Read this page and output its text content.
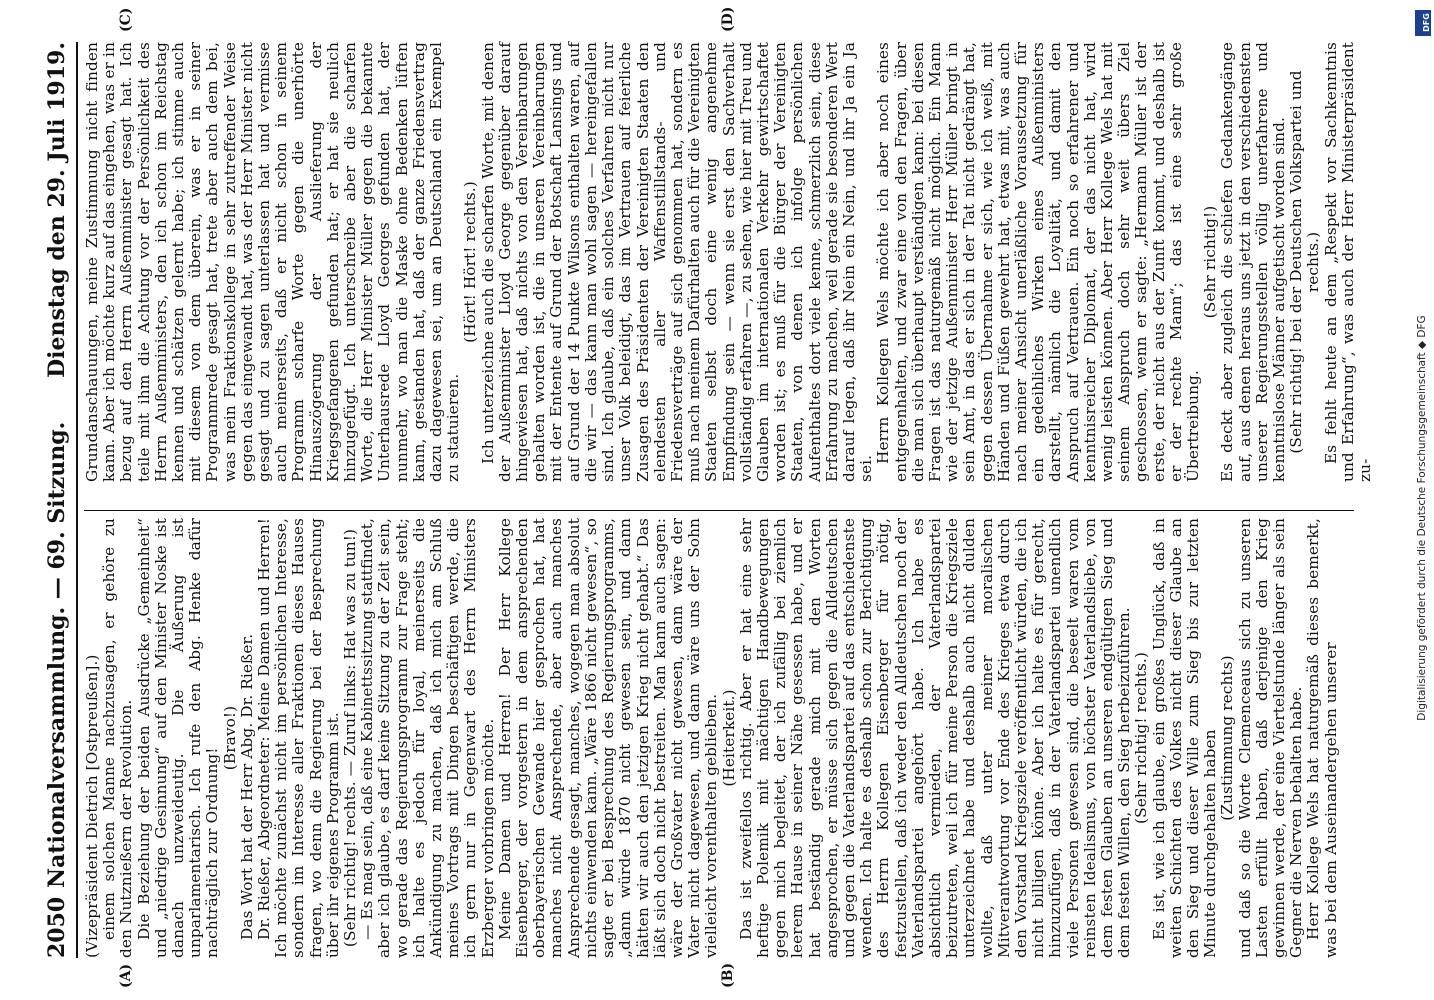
2050
Nationalversammlung. — 69. Sitzung.
Dienstag den 29. Juli 1919.
(A)	(B)
(C)	(D)

(Vizepräsident Dietrich [Ostpreußen].) einem solchen Manne nachzusagen, er gehöre zu den Nutznießern der Revolution. Die Beziehung der beiden Ausdrücke „Gemeinheit“ und „niedrige Gesinnung“ auf den Minister Noske ist danach unzweideutig. Die Äußerung ist unparlamentarisch. Ich rufe den Abg. Henke dafür nachträglich zur Ordnung!

(Bravo!) Das Wort hat der Herr Abg. Dr. Rießer. Dr. Rießer, Abgeordneter: Meine Damen und Herren! Ich möchte zunächst nicht im persönlichen Interesse, sondern im Interesse aller Fraktionen dieses Hauses fragen, wo denn die Regierung bei der Besprechung über ihr eigenes Programm ist. (Sehr richtig! rechts. — Zuruf links: Hat was zu tun!) — Es mag sein, daß eine Kabinettssitzung stattfindet, aber ich glaube, es darf keine Sitzung zu der Zeit sein, wo gerade das Regierungsprogramm zur Frage steht; ich halte es jedoch für loyal, meinerseits die Ankündigung zu machen, daß ich mich am Schluß meines Vortrags mit Dingen beschäftigen werde, die ich gern nur in Gegenwart des Herrn Ministers Erzberger vorbringen möchte. Meine Damen und Herren! Der Herr Kollege Eisenberger, der vorgestern in dem ansprechenden oberbayerischen Gewande hier gesprochen hat, hat manches nicht Ansprechende, aber auch manches Ansprechende gesagt, manches, wogegen man absolut nichts einwenden kann. „Wäre 1866 nicht gewesen“, so sagte er bei Besprechung des Regierungsprogramms, „dann würde 1870 nicht gewesen sein, und dann hätten wir auch den jetzigen Krieg nicht gehabt.“ Das läßt sich doch nicht bestreiten. Man kann auch sagen: wäre der Großvater nicht gewesen, dann wäre der Vater nicht dagewesen, und dann wäre uns der Sohn vielleicht vorenthalten geblieben. (Heiterkeit.) Das ist zweifellos richtig. Aber er hat eine sehr heftige Polemik mit mächtigen Handbewegungen gegen mich begleitet, der ich zufällig bei ziemlich leerem Hause in seiner Nähe gesessen habe, und er hat beständig gerade mich mit den Worten angesprochen, er müsse sich gegen die Alldeutschen und gegen die Vaterlandspartei auf das entschiedenste wenden. Ich halte es deshalb schon zur Berichtigung des Herrn Kollegen Eisenberger für nötig, festzustellen, daß ich weder den Alldeutschen noch der Vaterlandspartei angehört habe. Ich habe es absichtlich vermieden, der Vaterlandspartei beizutreten, weil ich für meine Person die Kriegsziele unterzeichnet habe und deshalb auch nicht dulden wollte, daß unter meiner moralischen Mitverantwortung vor Ende des Krieges etwa durch den Vorstand Kriegsziele veröffentlicht würden, die ich nicht billigen könne. Aber ich halte es für gerecht, hinzuzufügen, daß in der Vaterlandspartei unendlich viele Personen gewesen sind, die beseelt waren vom reinsten Idealismus, von höchster Vaterlandsliebe, von dem festen Glauben an unseren endgültigen Sieg und dem festen Willen, den Sieg herbeizuführen. (Sehr richtig! rechts.) Es ist, wie ich glaube, ein großes Unglück, daß in weiten Schichten des Volkes nicht dieser Glaube an den Sieg und dieser Wille zum Sieg bis zur letzten Minute durchgehalten haben (Zustimmung rechts) und daß so die Worte Clemenceaus sich zu unseren Lasten erfüllt haben, daß derjenige den Krieg gewinnen werde, der eine Viertelstunde länger als sein Gegner die Nerven behalten habe. Herr Kollege Wels hat naturgemäß dieses bemerkt, was bei dem Auseinandergehen unserer

Grundanschauungen, meine Zustimmung nicht finden kann. Aber ich möchte kurz auf das eingehen, was er in bezug auf den Herrn Außenminister gesagt hat. Ich teile mit ihm die Achtung vor der Persönlichkeit des Herrn Außenministers, den ich schon im Reichstag kennen und schätzen gelernt habe; ich stimme auch mit diesem von dem überein, was er in seiner Programmrede gesagt hat, trete aber auch dem bei, was mein Fraktionskollege in sehr zutreffender Weise gegen das eingewandt hat, was der Herr Minister nicht gesagt und zu sagen unterlassen hat und vermisse auch meinerseits, daß er nicht schon in seinem Programm scharfe Worte gegen die unerhörte Hinauszögerung der Auslieferung der Kriegsgefangenen gefunden hat; er hat sie neulich hinzugefügt. Ich unterschreibe aber die scharfen Worte, die Herr Minister Müller gegen die bekannte Unterhausrede Lloyd Georges gefunden hat, der nunmehr, wo man die Maske ohne Bedenken lüften kann, gestanden hat, daß der ganze Friedensvertrag dazu dagewesen sei, um an Deutschland ein Exempel zu statuieren.

(Hört! Hört! rechts.) Ich unterzeichne auch die scharfen Worte, mit denen der Außenminister Lloyd George gegenüber darauf hingewiesen hat, daß nichts von den Vereinbarungen gehalten worden ist, die in unseren Vereinbarungen mit der Entente auf Grund der Botschaft Lansings und auf Grund der 14 Punkte Wilsons enthalten waren, auf die wir — das kann man wohl sagen — hereingefallen sind. Ich glaube, daß ein solches Verfahren nicht nur unser Volk beleidigt, das im Vertrauen auf feierliche Zusagen des Präsidenten der Vereinigten Staaten den elendesten aller Waffenstillstands- und Friedensverträge auf sich genommen hat, sondern es muß nach meinem Dafürhalten auch für die Vereinigten Staaten selbst doch eine wenig angenehme Empfindung sein — wenn sie erst den Sachverhalt vollständig erfahren —, zu sehen, wie hier mit Treu und Glauben im internationalen Verkehr gewirtschaftet worden ist; es muß für die Bürger der Vereinigten Staaten, von denen ich infolge persönlichen Aufenthaltes dort viele kenne, schmerzlich sein, diese Erfahrung zu machen, weil gerade sie besonderen Wert darauf legen, daß ihr Nein ein Nein, und ihr Ja ein Ja sei.

Herrn Kollegen Wels möchte ich aber noch eines entgegenhalten, und zwar eine von den Fragen, über die man sich überhaupt verständigen kann: bei diesen Fragen ist das naturgemäß nicht möglich. Ein Mann wie der jetzige Außenminister Herr Müller bringt in sein Amt, in das er sich in der Tat nicht gedrängt hat, gegen dessen Übernahme er sich, wie ich weiß, mit Händen und Füßen gewehrt hat, etwas mit, was auch nach meiner Ansicht unerläßliche Voraussetzung für ein gedeihliches Wirken eines Außenministers darstellt, nämlich die Loyalität, und damit den Anspruch auf Vertrauen. Ein noch so erfahrener und kenntnisreicher Diplomat, der das nicht hat, wird wenig leisten können. Aber Herr Kollege Wels hat mit seinem Anspruch doch sehr weit übers Ziel geschossen, wenn er sagte: „Hermann Müller ist der erste, der nicht aus der Zunft kommt, und deshalb ist er der rechte Mann“; das ist eine sehr große Übertreibung.

(Sehr richtig!) Es deckt aber zugleich die schiefen Gedankengänge auf, aus denen heraus uns jetzt in den verschiedensten unserer Regierungsstellen völlig unerfahrene und kenntnislose Männer aufgetischt worden sind. (Sehr richtig! bei der Deutschen Volkspartei und rechts.) Es fehlt heute an dem „Respekt vor Sachkenntnis und Erfahrung“, was auch der Herr Ministerpräsident zu-

DFG
Digitalisierung gefördert durch die Deutsche Forschungsgemeinschaft ◆ DFG
